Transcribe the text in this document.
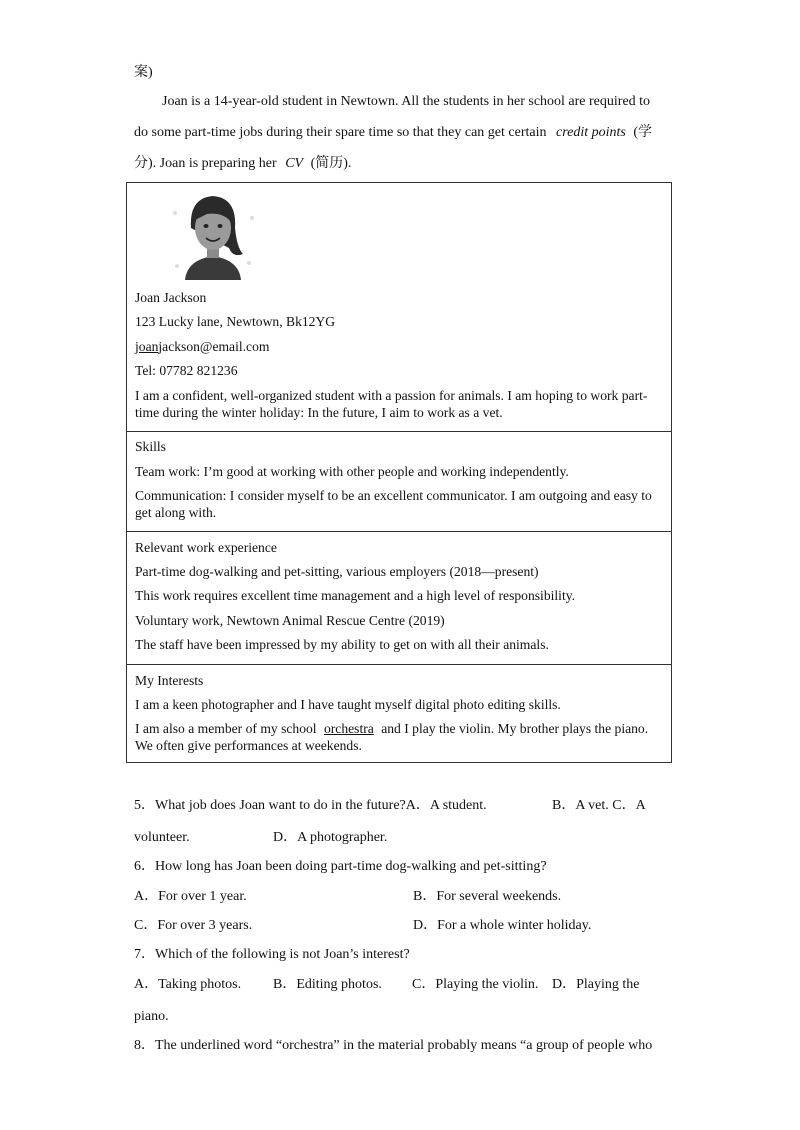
案)
Joan is a 14-year-old student in Newtown. All the students in her school are required to
do some part-time jobs during their spare time so that they can get certain credit points (学
分). Joan is preparing her CV (简历).
Joan Jackson
123 Lucky lane, Newtown, Bk12YG
joanjackson@email.com
Tel: 07782 821236
I am a confident, well-organized student with a passion for animals. I am hoping to work part-time during the winter holiday: In the future, I aim to work as a vet.
Skills
Team work: I’m good at working with other people and working independently.
Communication: I consider myself to be an excellent communicator. I am outgoing and easy to get along with.
Relevant work experience
Part-time dog-walking and pet-sitting, various employers (2018—present)
This work requires excellent time management and a high level of responsibility.
Voluntary work, Newtown Animal Rescue Centre (2019)
The staff have been impressed by my ability to get on with all their animals.
My Interests
I am a keen photographer and I have taught myself digital photo editing skills.
I am also a member of my school orchestra and I play the violin. My brother plays the piano.
We often give performances at weekends.
5．What job does Joan want to do in the future?A．A student.	B．A vet. C．A
volunteer.	D．A photographer.
6．How long has Joan been doing part-time dog-walking and pet-sitting?
A．For over 1 year.	B．For several weekends.
C．For over 3 years.	D．For a whole winter holiday.
7．Which of the following is not Joan’s interest?
A．Taking photos. B．Editing photos. C．Playing the violin. D．Playing the
piano.
8．The underlined word “orchestra” in the material probably means “a group of people who
